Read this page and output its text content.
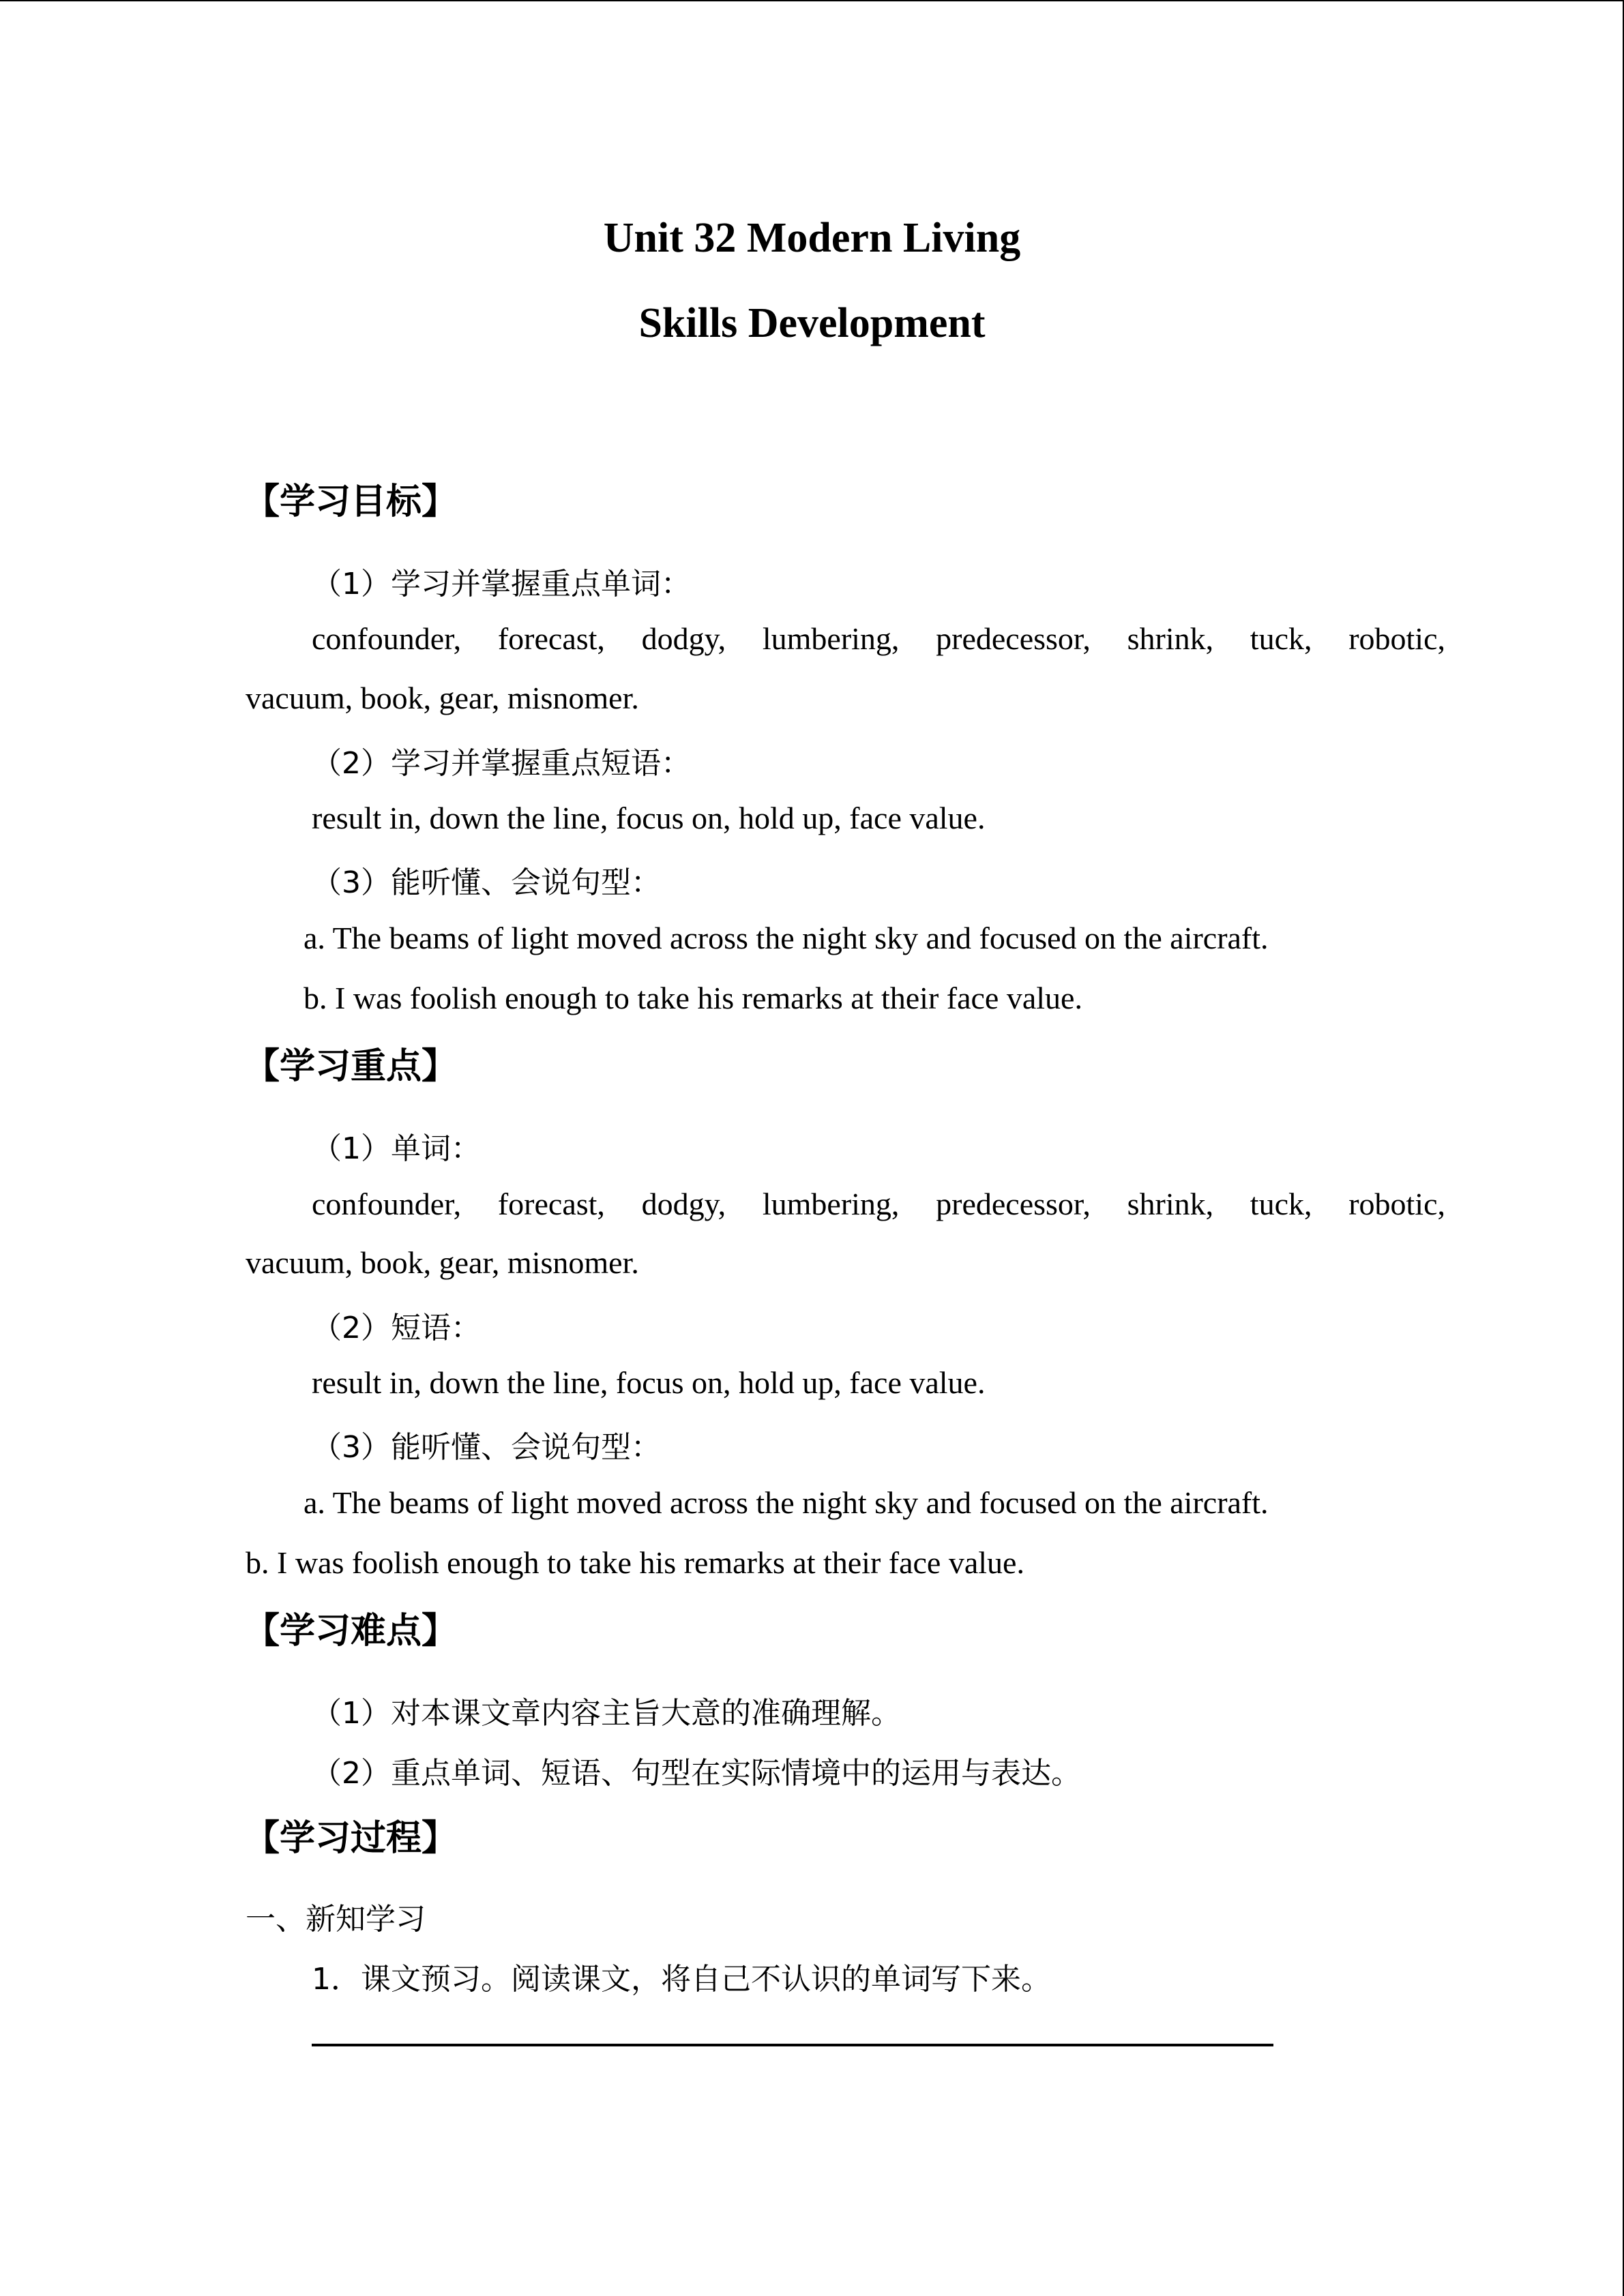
Unit 32 Modern Living
Skills Development
【学习目标】
（1）学习并掌握重点单词：
confounder, forecast, dodgy, lumbering, predecessor, shrink, tuck, robotic,
vacuum, book, gear, misnomer.
（2）学习并掌握重点短语：
result in, down the line, focus on, hold up, face value.
（3）能听懂、会说句型：
a. The beams of light moved across the night sky and focused on the aircraft.
b. I was foolish enough to take his remarks at their face value.
【学习重点】
（1）单词：
confounder, forecast, dodgy, lumbering, predecessor, shrink, tuck, robotic,
vacuum, book, gear, misnomer.
（2）短语：
result in, down the line, focus on, hold up, face value.
（3）能听懂、会说句型：
a. The beams of light moved across the night sky and focused on the aircraft.
b. I was foolish enough to take his remarks at their face value.
【学习难点】
（1）对本课文章内容主旨大意的准确理解。
（2）重点单词、短语、句型在实际情境中的运用与表达。
【学习过程】
一、新知学习
1．课文预习。阅读课文，将自己不认识的单词写下来。
